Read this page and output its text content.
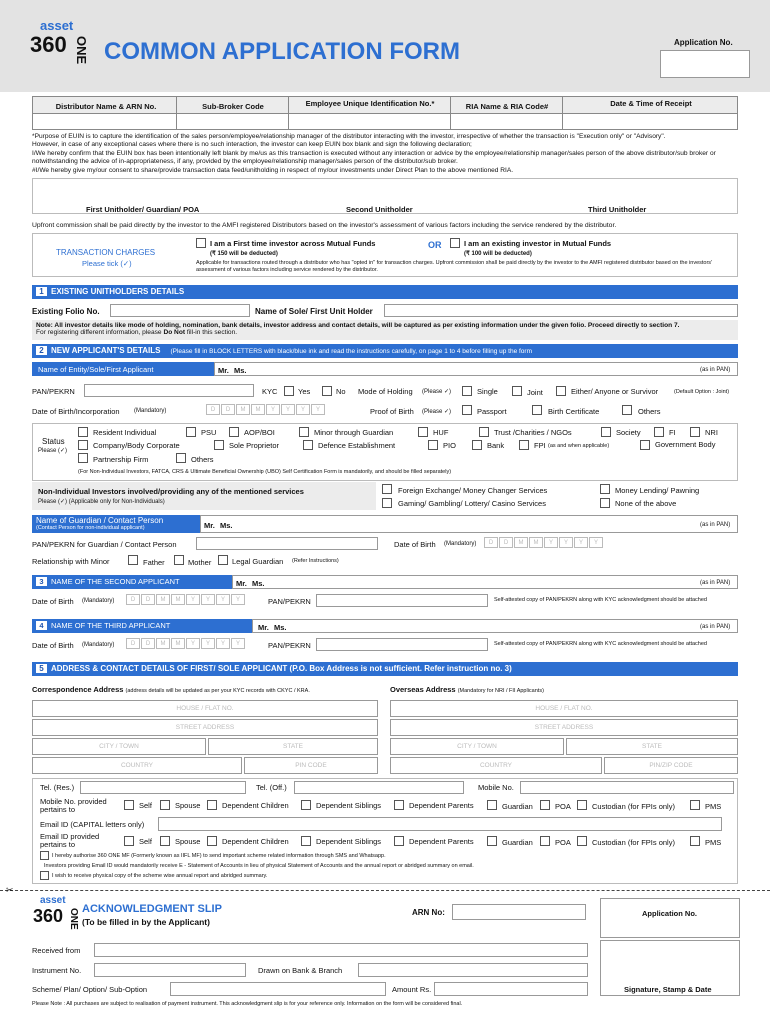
asset
360 ONE COMMON APPLICATION FORM	Application No.
Distributor Name & ARN No.	Sub-Broker Code	Employee Unique Identification No.*	RIA Name & RIA Code#	Date & Time of Receipt
*Purpose of EUIN is to capture the identification of the sales person/employee/relationship manager of the distributor interacting with the investor, irrespective of whether the transaction is "Execution only" or "Advisory".
However, in case of any exceptional cases where there is no such interaction, the investor can keep EUIN box blank and sign the following declaration;
I/We hereby confirm that the EUIN box has been intentionally left blank by me/us as this transaction is executed without any interaction or advice by the employee/relationship manager/sales person of the above distributor/sub broker or notwithstanding the advice of in-appropriateness, if any, provided by the employee/relationship manager/sales person of the distributor/sub broker.
#I/We hereby give my/our consent to share/provide transaction data feed/unitholding in respect of my/our investments under Direct Plan to the above mentioned RIA.
First Unitholder/ Guardian/ POA	Second Unitholder	Third Unitholder
Upfront commission shall be paid directly by the investor to the AMFI registered Distributors based on the investor's assessment of various factors including the service rendered by the distributor.
TRANSACTION CHARGES
Please tick (✓)
I am a First time investor across Mutual Funds
(₹ 150 will be deducted)
OR	I am an existing investor in Mutual Funds
(₹ 100 will be deducted)
Applicable for transactions routed through a distributor who has "opted in" for transaction charges. Upfront commission shall be paid directly by the investor to the AMFI registered distributor based on the investors' assessment of various factors including service rendered by the distributor.
1 EXISTING UNITHOLDERS DETAILS
Existing Folio No.	Name of Sole/ First Unit Holder
Note: All investor details like mode of holding, nomination, bank details, investor address and contact details, will be captured as per existing information under the given folio. Proceed directly to section 7.
For registering different information, please Do Not fill-in this section.
2 NEW APPLICANT'S DETAILS (Please fill in BLOCK LETTERS with black/blue ink and read the instructions carefully, on page 1 to 4 before filling up the form
Name of Entity/Sole/First Applicant	Mr. Ms.	(as in PAN)
PAN/PEKRN	KYC	Yes	No Mode of Holding (Please ✓)	Single	Joint	Either/ Anyone or Survivor	(Default Option : Joint)
Date of Birth/Incorporation (Mandatory)	D D M M Y Y Y Y	Proof of Birth (Please ✓)	Passport	Birth Certificate	Others
Status
Please (✓)
Resident Individual	PSU	AOP/BOI	Minor through Guardian	HUF	Trust /Charities / NGOs	Society	FI	NRI
Company/Body Corporate	Sole Proprietor	Defence Establishment	PIO	Bank	FPI (as and when applicable)	Government Body
Partnership Firm	Others
(For Non-Individual Investors, FATCA, CRS & Ultimate Beneficial Ownership (UBO) Self Certification Form is mandatorily, and should be filled separately)
Non-Individual Investors involved/providing any of the mentioned services
Please (✓) (Applicable only for Non-Individuals)
Foreign Exchange/ Money Changer Services	Money Lending/ Pawning
Gaming/ Gambling/ Lottery/ Casino Services	None of the above
Name of Guardian / Contact Person
(Contact Person for non-individual applicant)	Mr. Ms.	(as in PAN)
PAN/PEKRN for Guardian / Contact Person	Date of Birth (Mandatory)	D D M M Y Y Y Y
Relationship with Minor	Father	Mother	Legal Guardian (Refer Instructions)
3 NAME OF THE SECOND APPLICANT	Mr. Ms.	(as in PAN)
Date of Birth (Mandatory)	D D M M Y Y Y Y	PAN/PEKRN	Self-attested copy of PAN/PEKRN along with KYC acknowledgment should be attached
4 NAME OF THE THIRD APPLICANT	Mr. Ms.	(as in PAN)
Date of Birth (Mandatory)	D D M M Y Y Y Y	PAN/PEKRN	Self-attested copy of PAN/PEKRN along with KYC acknowledgment should be attached
5 ADDRESS & CONTACT DETAILS OF FIRST/ SOLE APPLICANT (P.O. Box Address is not sufficient. Refer instruction no. 3)
Correspondence Address (address details will be updated as per your KYC records with CKYC / KRA.	Overseas Address (Mandatory for NRI / FII Applicants)
HOUSE / FLAT NO.
STREET ADDRESS
CITY / TOWN	STATE
COUNTRY	PIN CODE
HOUSE / FLAT NO.
STREET ADDRESS
CITY / TOWN	STATE
COUNTRY	PIN/ZIP CODE
Tel. (Res.)	Tel. (Off.)	Mobile No.
Mobile No. provided pertains to	Self	Spouse	Dependent Children	Dependent Siblings	Dependent Parents	Guardian	POA	Custodian (for FPIs only)	PMS
Email ID (CAPITAL letters only)
Email ID provided pertains to	Self	Spouse	Dependent Children	Dependent Siblings	Dependent Parents	Guardian	POA	Custodian (for FPIs only)	PMS
I hereby authorise 360 ONE MF (Formerly known as IIFL MF) to send important scheme related information through SMS and Whatsapp.
Investors providing Email ID would mandatorily receive E - Statement of Accounts in lieu of physical Statement of Accounts and the annual report or abridged summary on email.
I wish to receive physical copy of the scheme wise annual report and abridged summary.
✂
asset
360 ONE ACKNOWLEDGMENT SLIP
(To be filled in by the Applicant)
ARN No:	Application No.
Received from
Instrument No.	Drawn on Bank & Branch
Scheme/ Plan/ Option/ Sub-Option	Amount Rs.	Signature, Stamp & Date
Please Note : All purchases are subject to realisation of payment instrument. This acknowledgment slip is for your reference only. Information on the form will be considered final.
